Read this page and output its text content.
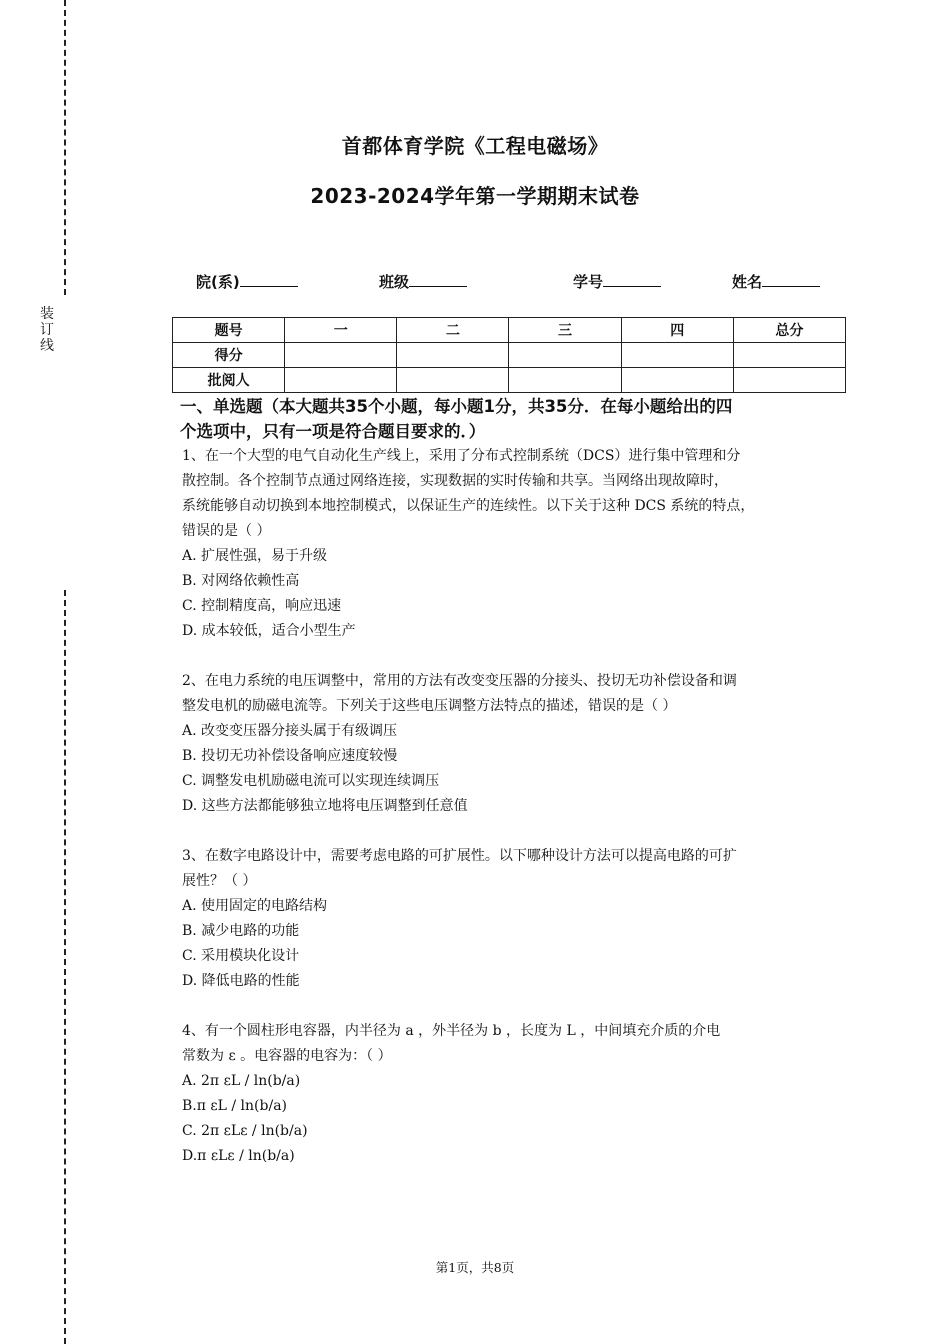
装
订
线
首都体育学院《工程电磁场》
2023-2024学年第一学期期末试卷
院(系)	班级	学号	姓名
题号	一	二	三	四	总分
得分					
批阅人					
一、单选题（本大题共35个小题，每小题1分，共35分．在每小题给出的四
个选项中，只有一项是符合题目要求的．）
1、在一个大型的电气自动化生产线上，采用了分布式控制系统（DCS）进行集中管理和分
散控制。各个控制节点通过网络连接，实现数据的实时传输和共享。当网络出现故障时，
系统能够自动切换到本地控制模式，以保证生产的连续性。以下关于这种 DCS 系统的特点，
错误的是（ ）
A. 扩展性强，易于升级
B. 对网络依赖性高
C. 控制精度高，响应迅速
D. 成本较低，适合小型生产
2、在电力系统的电压调整中，常用的方法有改变变压器的分接头、投切无功补偿设备和调
整发电机的励磁电流等。下列关于这些电压调整方法特点的描述，错误的是（ ）
A. 改变变压器分接头属于有级调压
B. 投切无功补偿设备响应速度较慢
C. 调整发电机励磁电流可以实现连续调压
D. 这些方法都能够独立地将电压调整到任意值
3、在数字电路设计中，需要考虑电路的可扩展性。以下哪种设计方法可以提高电路的可扩
展性？（ ）
A. 使用固定的电路结构
B. 减少电路的功能
C. 采用模块化设计
D. 降低电路的性能
4、有一个圆柱形电容器，内半径为 a ，外半径为 b ，长度为 L ，中间填充介质的介电
常数为 ε 。电容器的电容为：（ ）
A. 2π εL / ln(b/a)
B.π εL / ln(b/a)
C. 2π εLε / ln(b/a)
D.π εLε / ln(b/a)
第1页，共8页
